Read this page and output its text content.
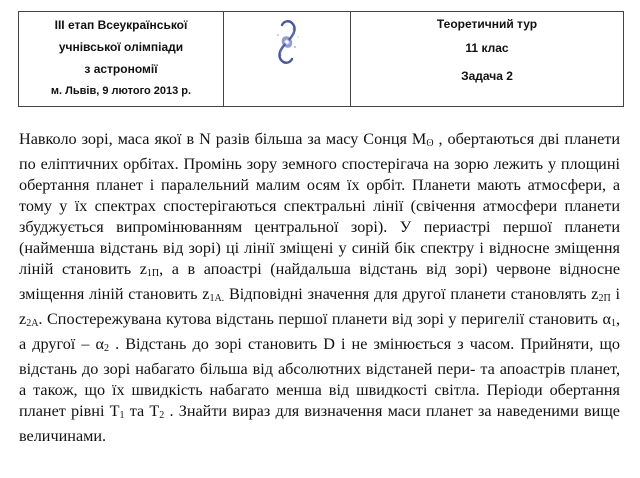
ІІІ етап Всеукраїнської
учнівської олімпіади
з астрономії
м. Львів, 9 лютого 2013 р.

Теоретичний тур
11 клас
Задача 2

Навколо зорі, маса якої в N разів більша за масу Сонця $M_ʘ$ , обертаються дві планети по еліптичних орбітах. Промінь зору земного спостерігача на зорю лежить у площині обертання планет і паралельний малим осям їх орбіт. Планети мають атмосфери, а тому у їх спектрах спостерігаються спектральні лінії (свічення атмосфери планети збуджується випромінюванням центральної зорі). У периастрі першої планети (найменша відстань від зорі) ці лінії зміщені у синій бік спектру і відносне зміщення ліній становить $z_{1П}$, а в апоастрі (найдальша відстань від зорі) червоне відносне зміщення ліній становить $z_{1А.}$ Відповідні значення для другої планети становлять $z_{2П}$ і $z_{2А}$. Спостережувана кутова відстань першої планети від зорі у перигелії становить $\alpha_1$, а другої – $\alpha_2$ . Відстань до зорі становить D і не змінюється з часом. Прийняти, що відстань до зорі набагато більша від абсолютних відстаней пери- та апоастрів планет, а також, що їх швидкість набагато менша від швидкості світла. Періоди обертання планет рівні $T_1$ та $T_2$ . Знайти вираз для визначення маси планет за наведеними вище величинами.
